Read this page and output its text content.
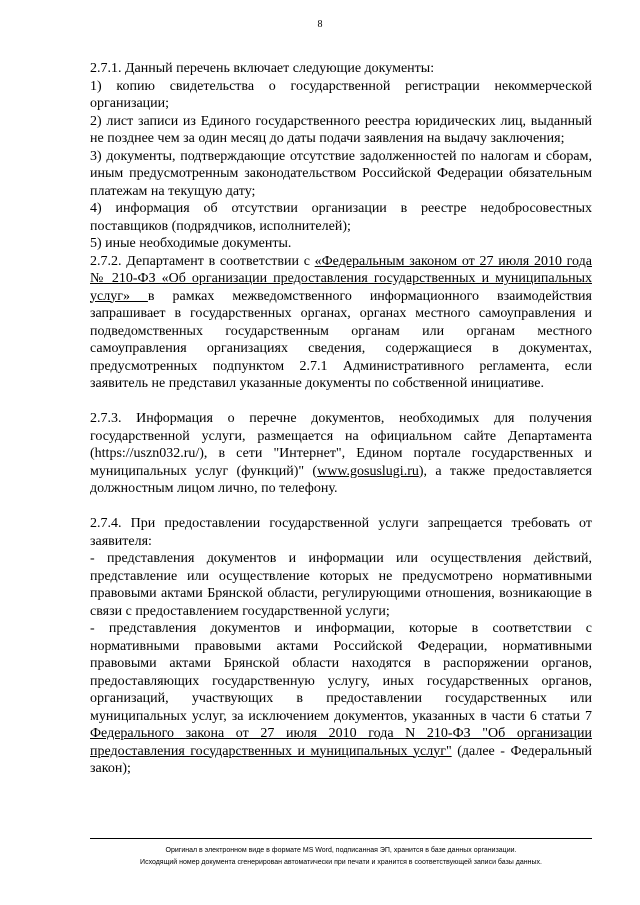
8

2.7.1. Данный перечень включает следующие документы:

1) копию свидетельства о государственной регистрации некоммерческой организации;

2) лист записи из Единого государственного реестра юридических лиц, выданный не позднее чем за один месяц до даты подачи заявления на выдачу заключения;

3) документы, подтверждающие отсутствие задолженностей по налогам и сборам, иным предусмотренным законодательством Российской Федерации обязательным платежам на текущую дату;

4) информация об отсутствии организации в реестре недобросовестных поставщиков (подрядчиков, исполнителей);

5) иные необходимые документы.

2.7.2. Департамент в соответствии с «Федеральным законом от 27 июля 2010 года № 210-ФЗ «Об организации предоставления государственных и муниципальных услуг» в рамках межведомственного информационного взаимодействия запрашивает в государственных органах, органах местного самоуправления и подведомственных государственным органам или органам местного самоуправления организациях сведения, содержащиеся в документах, предусмотренных подпунктом 2.7.1 Административного регламента, если заявитель не представил указанные документы по собственной инициативе.

2.7.3. Информация о перечне документов, необходимых для получения государственной услуги, размещается на официальном сайте Департамента (https://uszn032.ru/), в сети "Интернет", Едином портале государственных и муниципальных услуг (функций)" (www.gosuslugi.ru), а также предоставляется должностным лицом лично, по телефону.

2.7.4. При предоставлении государственной услуги запрещается требовать от заявителя:

- представления документов и информации или осуществления действий, представление или осуществление которых не предусмотрено нормативными правовыми актами Брянской области, регулирующими отношения, возникающие в связи с предоставлением государственной услуги;

- представления документов и информации, которые в соответствии с нормативными правовыми актами Российской Федерации, нормативными правовыми актами Брянской области находятся в распоряжении органов, предоставляющих государственную услугу, иных государственных органов, организаций, участвующих в предоставлении государственных или муниципальных услуг, за исключением документов, указанных в части 6 статьи 7 Федерального закона от 27 июля 2010 года N 210-ФЗ "Об организации предоставления государственных и муниципальных услуг" (далее - Федеральный закон);

Оригинал в электронном виде в формате MS Word, подписанная ЭП, хранится в базе данных организации.
Исходящий номер документа сгенерирован автоматически при печати и хранится в соответствующей записи базы данных.
